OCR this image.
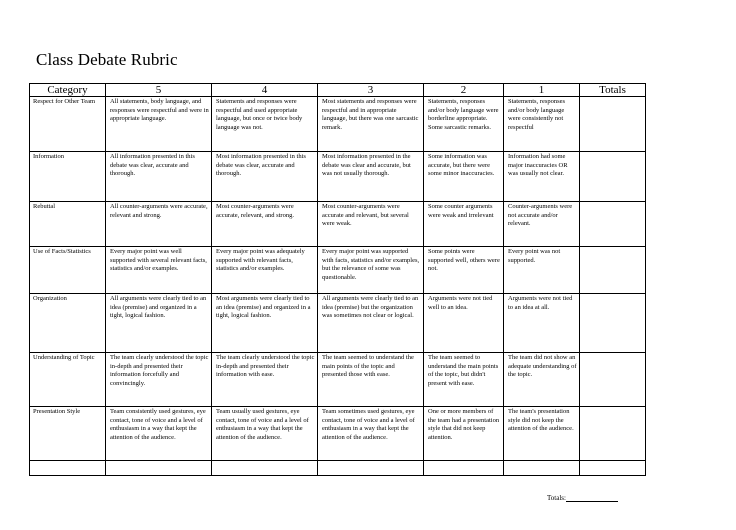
Class Debate Rubric
Category	5	4	3	2	1	Totals
Respect for Other Team	All statements, body language, and responses were respectful and were in appropriate language.	Statements and responses were respectful and used appropriate language, but once or twice body language was not.	Most statements and responses were respectful and in appropriate language, but there was one sarcastic remark.	Statements, responses and/or body language were borderline appropriate. Some sarcastic remarks.	Statements, responses and/or body language were consistently not respectful	
Information	All information presented in this debate was clear, accurate and thorough.	Most information presented in this debate was clear, accurate and thorough.	Most information presented in the debate was clear and accurate, but was not usually thorough.	Some information was accurate, but there were some minor inaccuracies.	Information had some major inaccuracies OR was usually not clear.	
Rebuttal	All counter-arguments were accurate, relevant and strong.	Most counter-arguments were accurate, relevant, and strong.	Most counter-arguments were accurate and relevant, but several were weak.	Some counter arguments were weak and irrelevant	Counter-arguments were not accurate and/or relevant.	
Use of Facts/Statistics	Every major point was well supported with several relevant facts, statistics and/or examples.	Every major point was adequately supported with relevant facts, statistics and/or examples.	Every major point was supported with facts, statistics and/or examples, but the relevance of some was questionable.	Some points were supported well, others were not.	Every point was not supported.	
Organization	All arguments were clearly tied to an idea (premise) and organized in a tight, logical fashion.	Most arguments were clearly tied to an idea (premise) and organized in a tight, logical fashion.	All arguments were clearly tied to an idea (premise) but the organization was sometimes not clear or logical.	Arguments were not tied well to an idea.	Arguments were not tied to an idea at all.	
Understanding of Topic	The team clearly understood the topic in-depth and presented their information forcefully and convincingly.	The team clearly understood the topic in-depth and presented their information with ease.	The team seemed to understand the main points of the topic and presented those with ease.	The team seemed to understand the main points of the topic, but didn't present with ease.	The team did not show an adequate understanding of the topic.	
Presentation Style	Team consistently used gestures, eye contact, tone of voice and a level of enthusiasm in a way that kept the attention of the audience.	Team usually used gestures, eye contact, tone of voice and a level of enthusiasm in a way that kept the attention of the audience.	Team sometimes used gestures, eye contact, tone of voice and a level of enthusiasm in a way that kept the attention of the audience.	One or more members of the team had a presentation style that did not keep attention.	The team's presentation style did not keep the attention of the audience.	

Totals:
